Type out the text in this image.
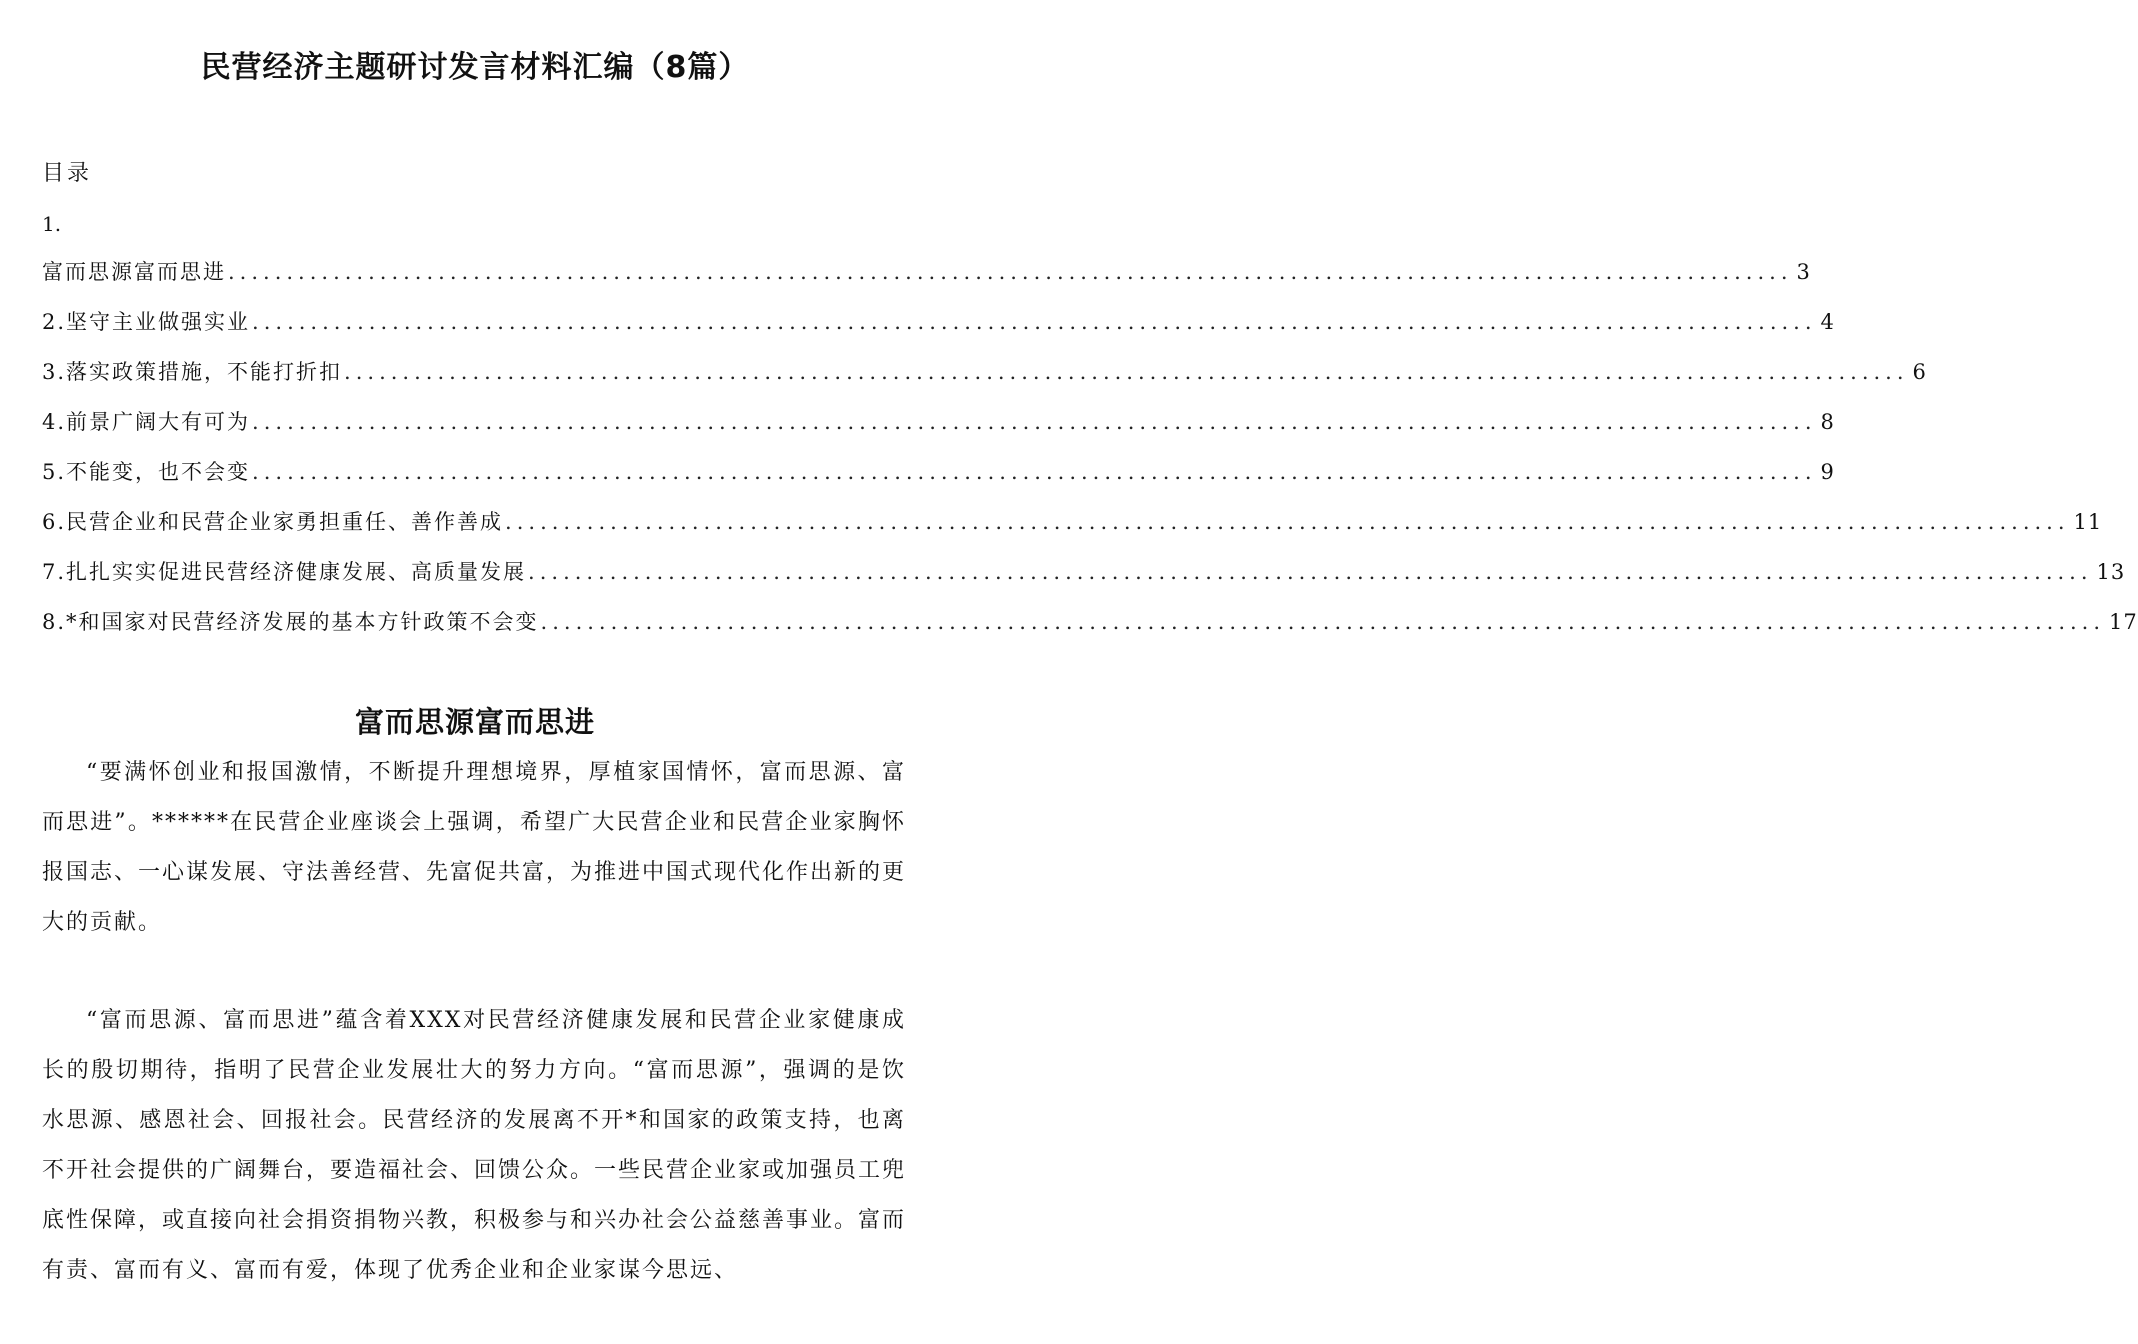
民营经济主题研讨发言材料汇编（8篇）
目录
1.
富而思源富而思进 ...................................................................................................................................... 3
2.坚守主业做强实业 ...................................................................................................................................... 4
3.落实政策措施，不能打折扣 ...................................................................................................................................... 6
4.前景广阔大有可为 ...................................................................................................................................... 8
5.不能变，也不会变 ...................................................................................................................................... 9
6.民营企业和民营企业家勇担重任、善作善成 ...................................................................................................................................... 11
7.扎扎实实促进民营经济健康发展、高质量发展 ...................................................................................................................................... 13
8.*和国家对民营经济发展的基本方针政策不会变 ...................................................................................................................................... 17
富而思源富而思进

“要满怀创业和报国激情，不断提升理想境界，厚植家国情怀，富而思源、富而思进”。******在民营企业座谈会上强调，希望广大民营企业和民营企业家胸怀报国志、一心谋发展、守法善经营、先富促共富，为推进中国式现代化作出新的更大的贡献。

“富而思源、富而思进”蕴含着XXX对民营经济健康发展和民营企业家健康成长的殷切期待，指明了民营企业发展壮大的努力方向。“富而思源”，强调的是饮水思源、感恩社会、回报社会。民营经济的发展离不开*和国家的政策支持，也离不开社会提供的广阔舞台，要造福社会、回馈公众。一些民营企业家或加强员工兜底性保障，或直接向社会捐资捐物兴教，积极参与和兴办社会公益慈善事业。富而有责、富而有义、富而有爱，体现了优秀企业和企业家谋今思远、
